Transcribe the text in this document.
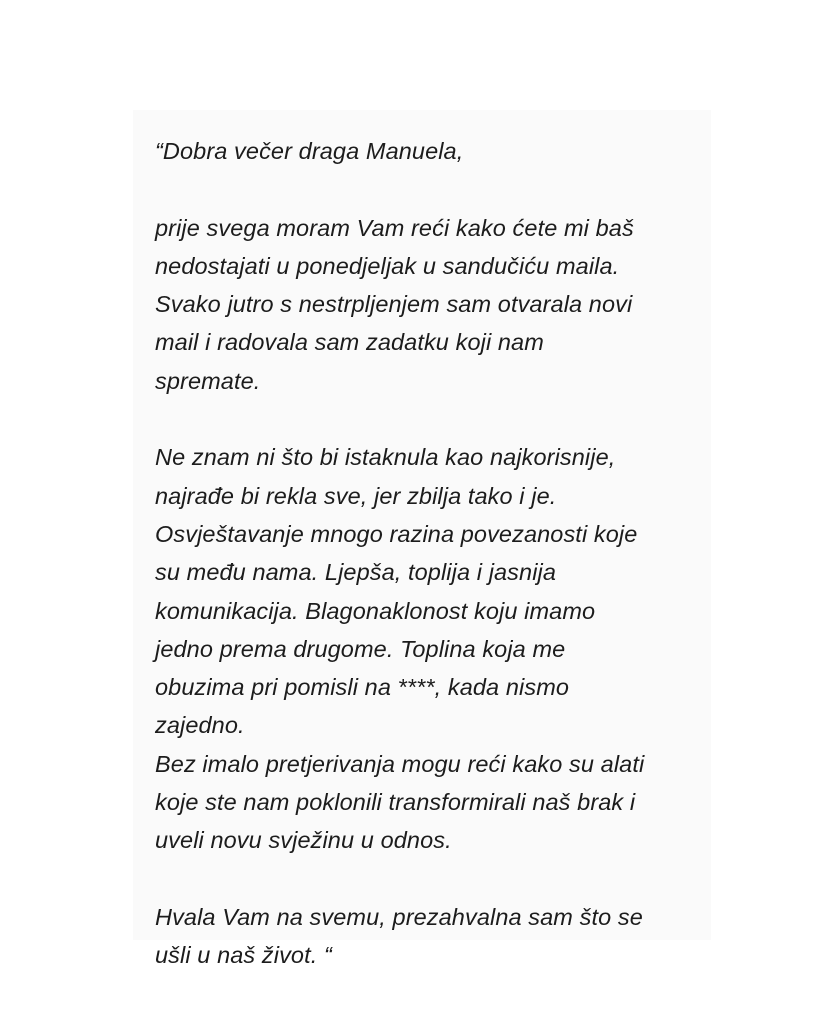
“Dobra večer draga Manuela,
prije svega moram Vam reći kako ćete mi baš
nedostajati u ponedjeljak u sandučiću maila.
Svako jutro s nestrpljenjem sam otvarala novi
mail i radovala sam zadatku koji nam
spremate.
Ne znam ni što bi istaknula kao najkorisnije,
najrađe bi rekla sve, jer zbilja tako i je.
Osvještavanje mnogo razina povezanosti koje
su među nama. Ljepša, toplija i jasnija
komunikacija. Blagonaklonost koju imamo
jedno prema drugome. Toplina koja me
obuzima pri pomisli na ****, kada nismo
zajedno.
Bez imalo pretjerivanja mogu reći kako su alati
koje ste nam poklonili transformirali naš brak i
uveli novu svježinu u odnos.
Hvala Vam na svemu, prezahvalna sam što se
ušli u naš život. “
